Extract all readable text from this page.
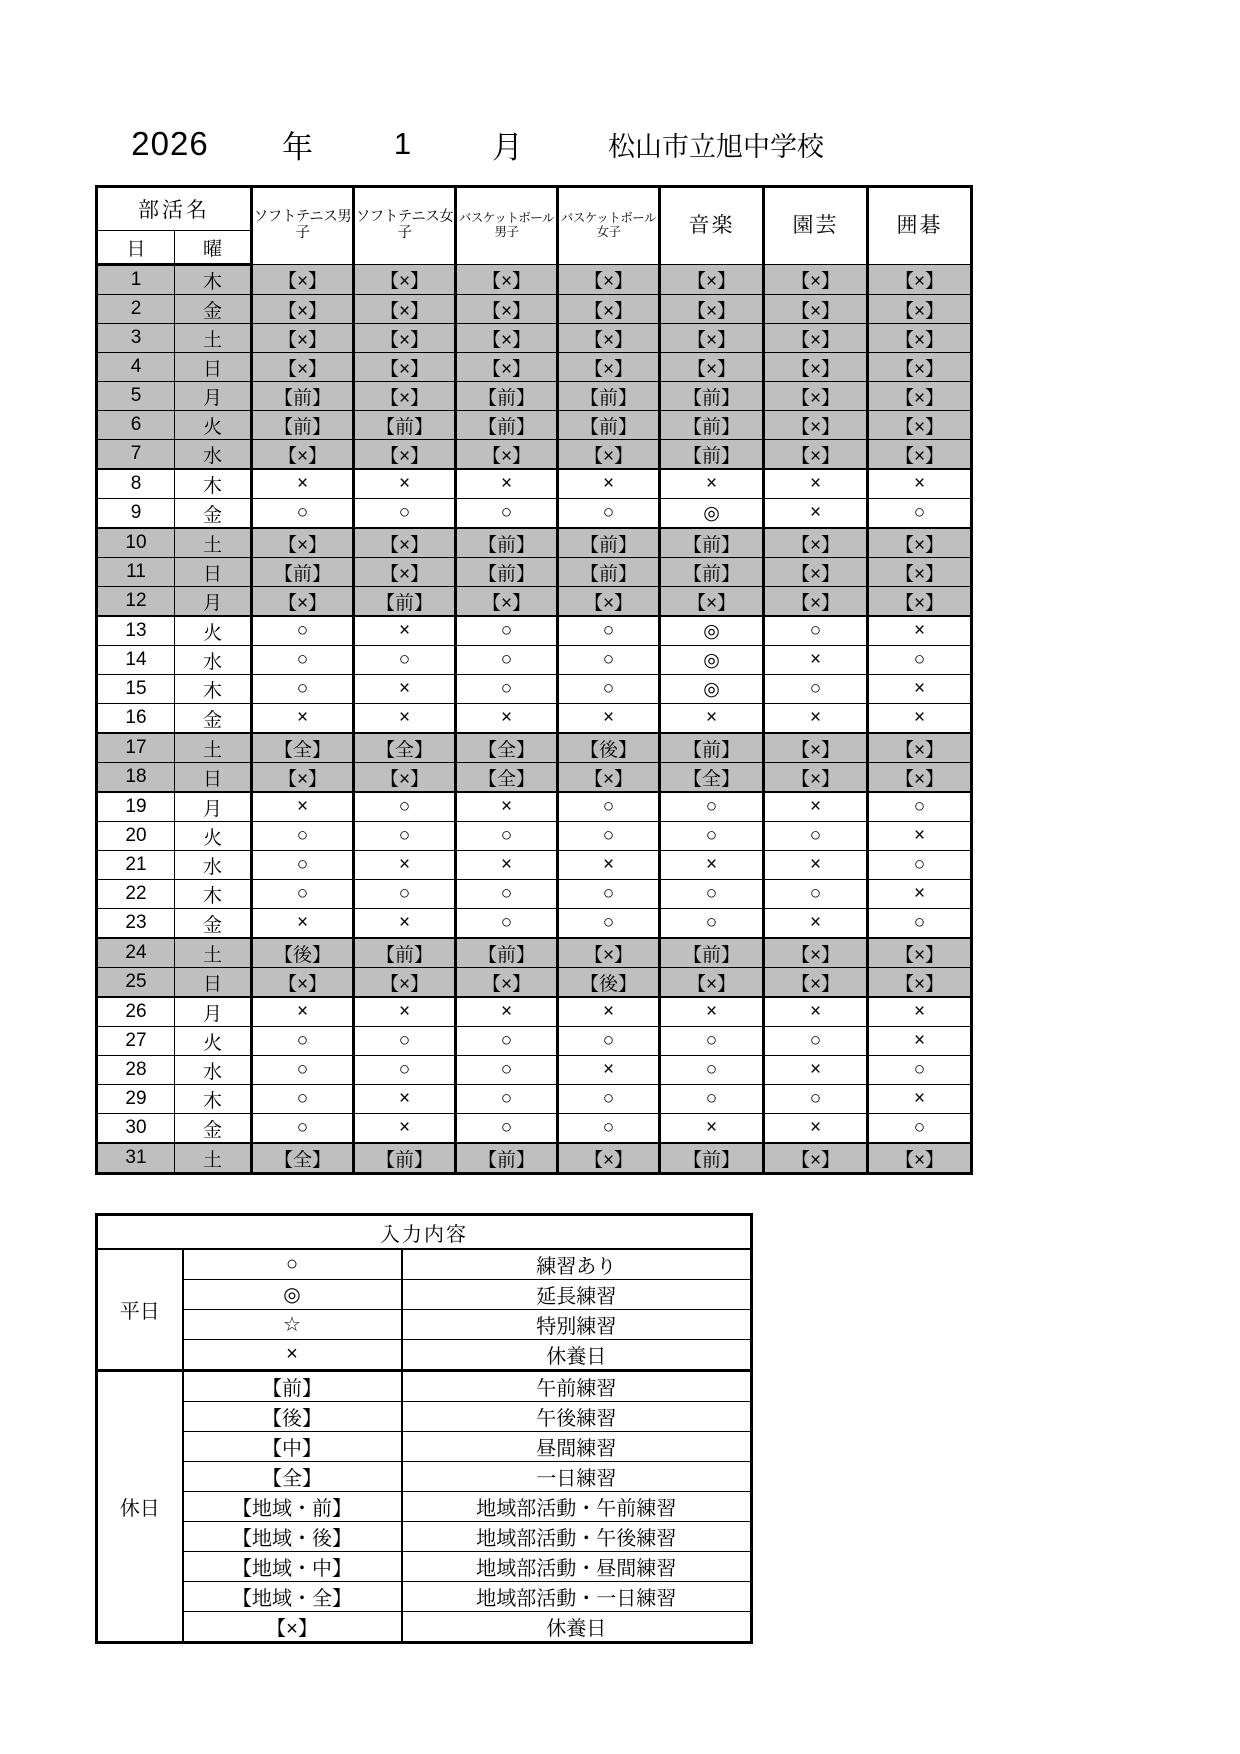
2026	年	1	月	松山市立旭中学校
部活名		ソフトテニス男子	ソフトテニス女子	バスケットボール男子	バスケットボール女子	音楽	園芸	囲碁
日	曜							
1	木	【×】	【×】	【×】	【×】	【×】	【×】	【×】
2	金	【×】	【×】	【×】	【×】	【×】	【×】	【×】
3	土	【×】	【×】	【×】	【×】	【×】	【×】	【×】
4	日	【×】	【×】	【×】	【×】	【×】	【×】	【×】
5	月	【前】	【×】	【前】	【前】	【前】	【×】	【×】
6	火	【前】	【前】	【前】	【前】	【前】	【×】	【×】
7	水	【×】	【×】	【×】	【×】	【前】	【×】	【×】
8	木	×	×	×	×	×	×	×
9	金	○	○	○	○	◎	×	○
10	土	【×】	【×】	【前】	【前】	【前】	【×】	【×】
11	日	【前】	【×】	【前】	【前】	【前】	【×】	【×】
12	月	【×】	【前】	【×】	【×】	【×】	【×】	【×】
13	火	○	×	○	○	◎	○	×
14	水	○	○	○	○	◎	×	○
15	木	○	×	○	○	◎	○	×
16	金	×	×	×	×	×	×	×
17	土	【全】	【全】	【全】	【後】	【前】	【×】	【×】
18	日	【×】	【×】	【全】	【×】	【全】	【×】	【×】
19	月	×	○	×	○	○	×	○
20	火	○	○	○	○	○	○	×
21	水	○	×	×	×	×	×	○
22	木	○	○	○	○	○	○	×
23	金	×	×	○	○	○	×	○
24	土	【後】	【前】	【前】	【×】	【前】	【×】	【×】
25	日	【×】	【×】	【×】	【後】	【×】	【×】	【×】
26	月	×	×	×	×	×	×	×
27	火	○	○	○	○	○	○	×
28	水	○	○	○	×	○	×	○
29	木	○	×	○	○	○	○	×
30	金	○	×	○	○	×	×	○
31	土	【全】	【前】	【前】	【×】	【前】	【×】	【×】
入力内容		
平日	○	練習あり
	◎	延長練習
	☆	特別練習
	×	休養日
休日	【前】	午前練習
	【後】	午後練習
	【中】	昼間練習
	【全】	一日練習
	【地域・前】	地域部活動・午前練習
	【地域・後】	地域部活動・午後練習
	【地域・中】	地域部活動・昼間練習
	【地域・全】	地域部活動・一日練習
	【×】	休養日
